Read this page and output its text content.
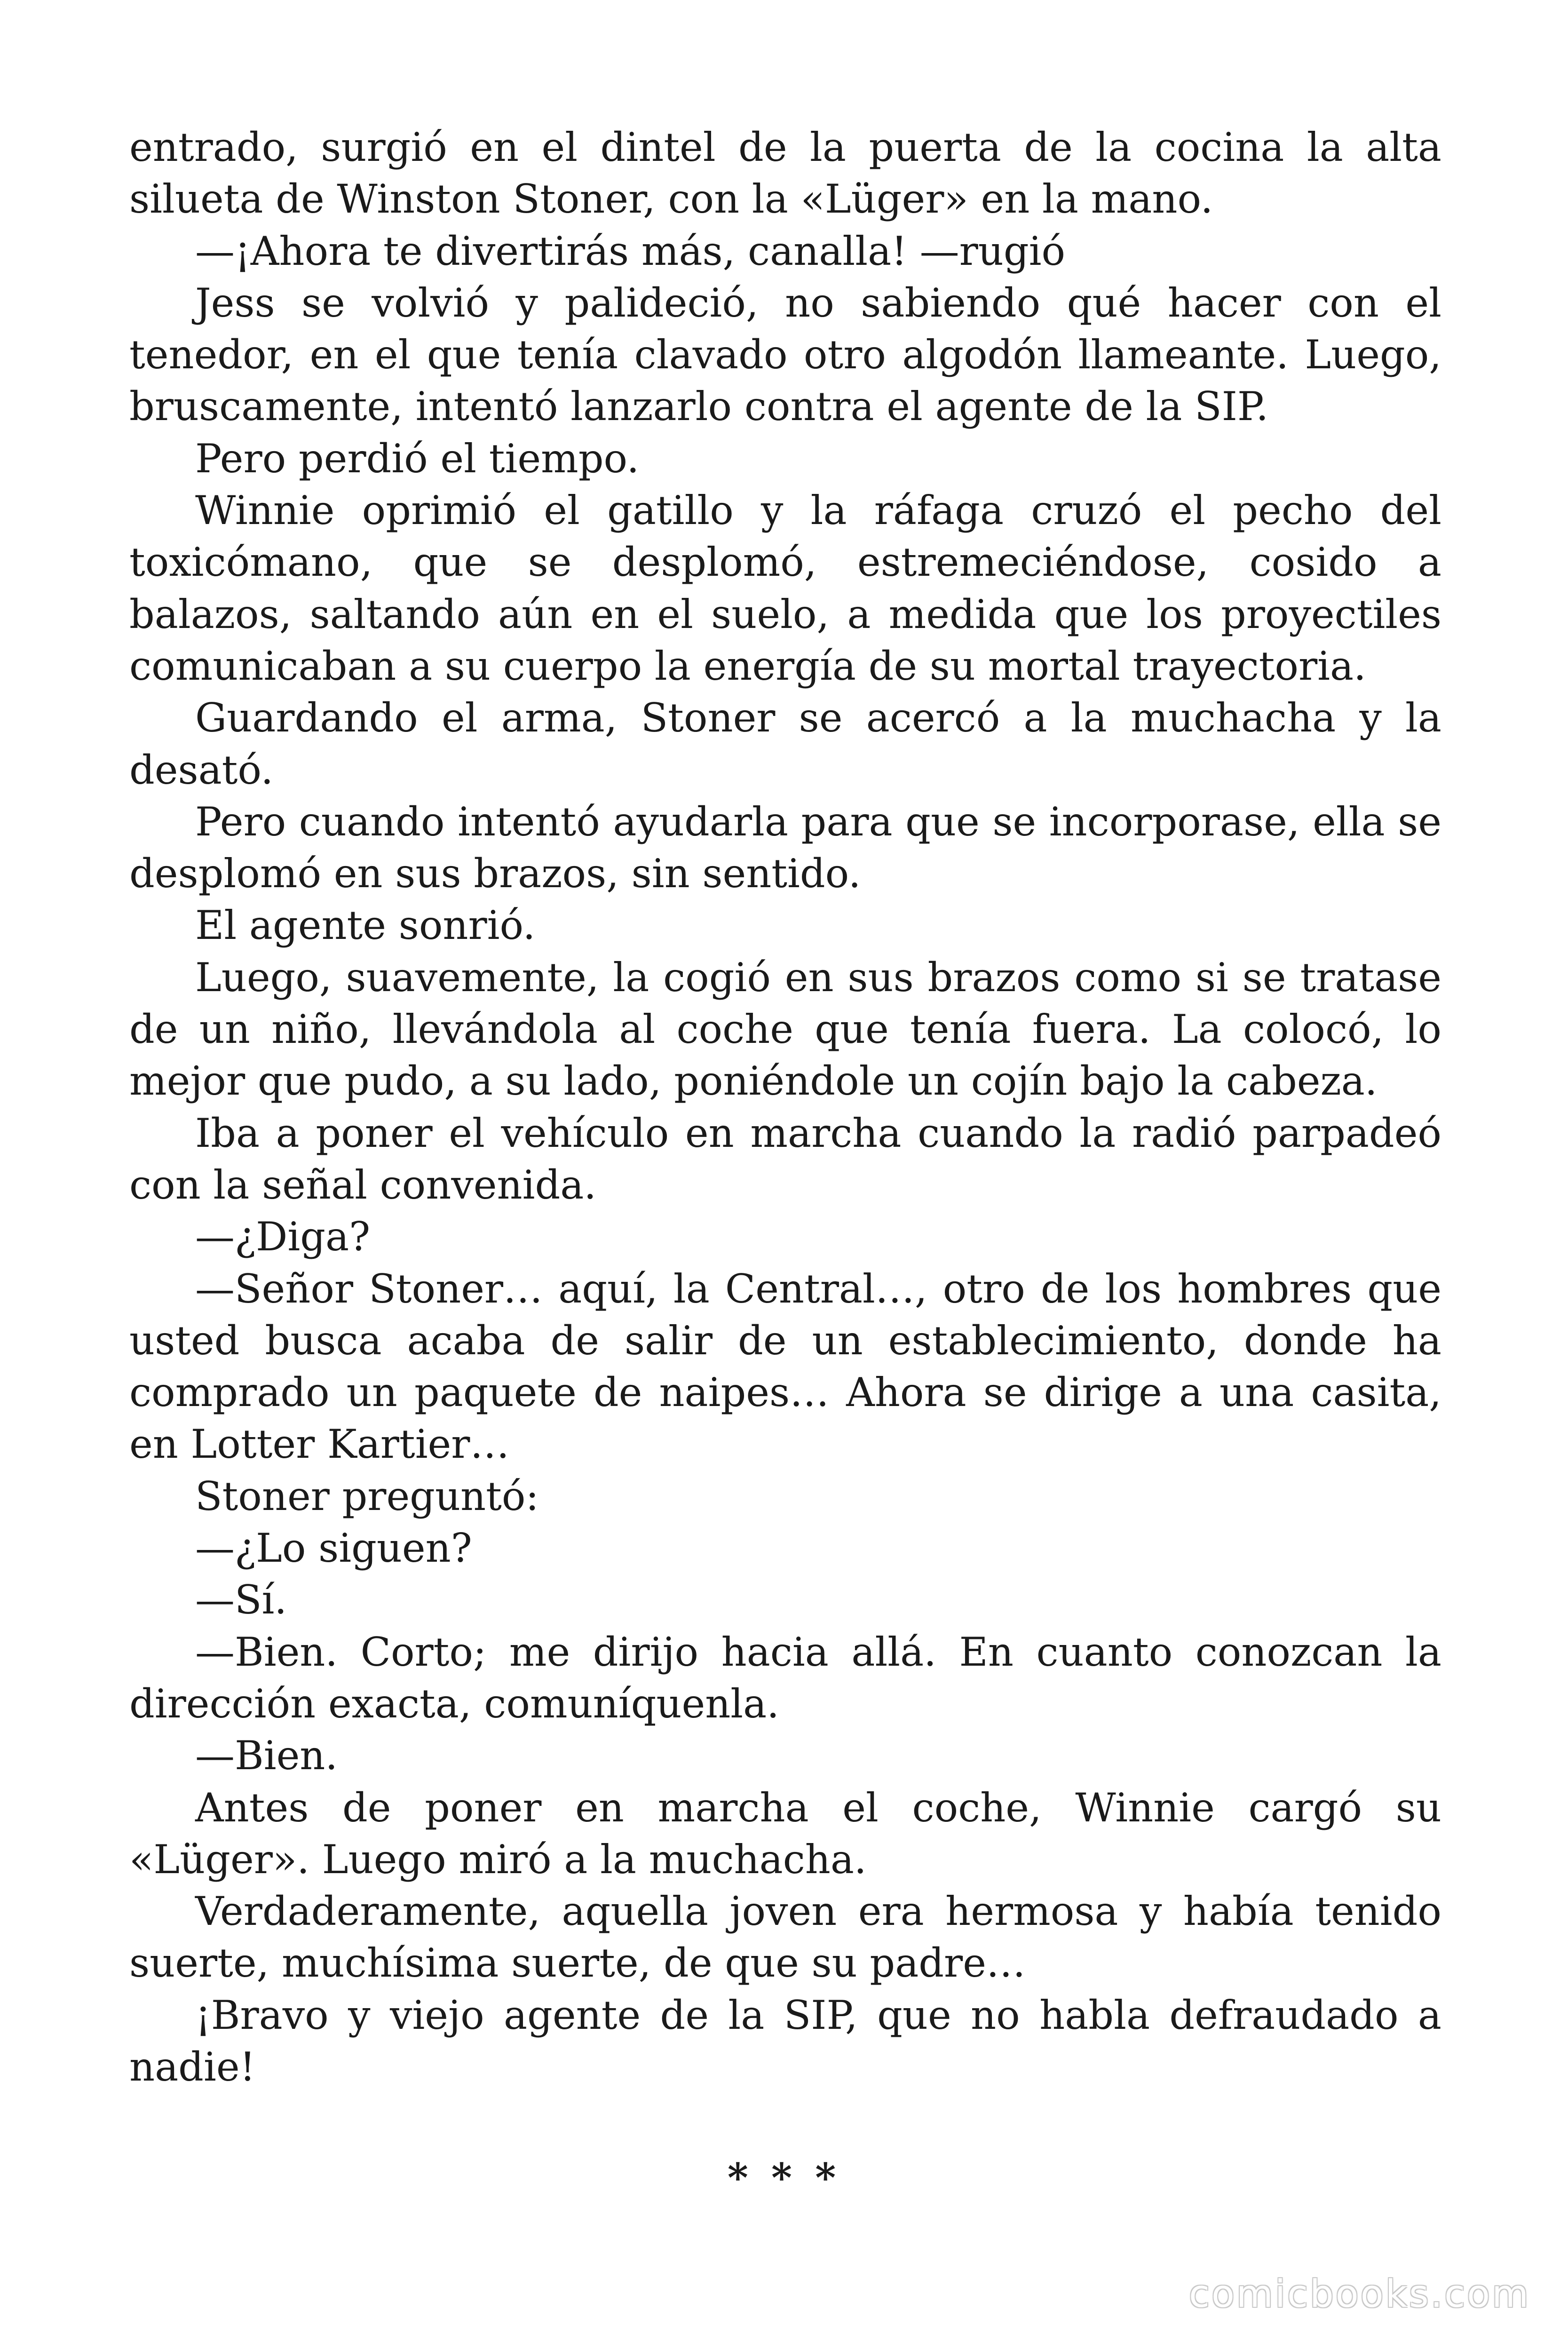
entrado, surgió en el dintel de la puerta de la cocina la alta silueta de Winston Stoner, con la «Lüger» en la mano.

—¡Ahora te divertirás más, canalla! —rugió

Jess se volvió y palideció, no sabiendo qué hacer con el tenedor, en el que tenía clavado otro algodón llameante. Luego, bruscamente, intentó lanzarlo contra el agente de la SIP.

Pero perdió el tiempo.

Winnie oprimió el gatillo y la ráfaga cruzó el pecho del toxicómano, que se desplomó, estremeciéndose, cosido a balazos, saltando aún en el suelo, a medida que los proyectiles comunicaban a su cuerpo la energía de su mortal trayectoria.

Guardando el arma, Stoner se acercó a la muchacha y la desató.

Pero cuando intentó ayudarla para que se incorporase, ella se desplomó en sus brazos, sin sentido.

El agente sonrió.

Luego, suavemente, la cogió en sus brazos como si se tratase de un niño, llevándola al coche que tenía fuera. La colocó, lo mejor que pudo, a su lado, poniéndole un cojín bajo la cabeza.

Iba a poner el vehículo en marcha cuando la radió parpadeó con la señal convenida.

—¿Diga?

—Señor Stoner… aquí, la Central…, otro de los hombres que usted busca acaba de salir de un establecimiento, donde ha comprado un paquete de naipes… Ahora se dirige a una casita, en Lotter Kartier…

Stoner preguntó:

—¿Lo siguen?

—Sí.

—Bien. Corto; me dirijo hacia allá. En cuanto conozcan la dirección exacta, comuníquenla.

—Bien.

Antes de poner en marcha el coche, Winnie cargó su «Lüger». Luego miró a la muchacha.

Verdaderamente, aquella joven era hermosa y había tenido suerte, muchísima suerte, de que su padre…

¡Bravo y viejo agente de la SIP, que no habla defraudado a nadie!

* * *
comicbooks.com
